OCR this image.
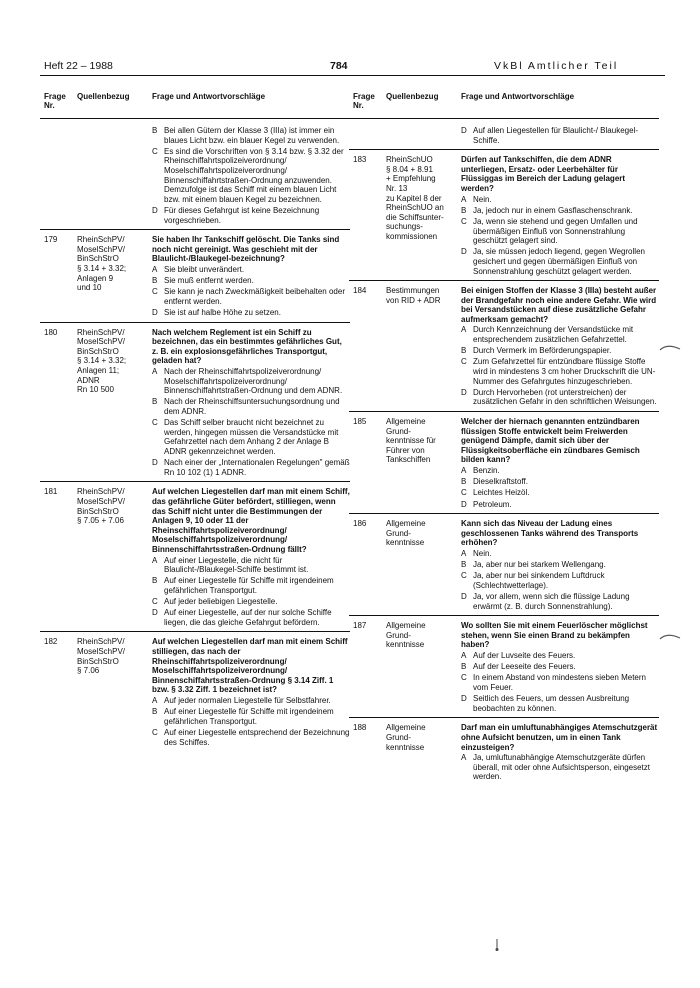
Heft 22 – 1988	784	VkBl Amtlicher Teil
Frage Nr.
Quellenbezug	Frage und Antwortvorschläge
B Bei allen Gütern der Klasse 3 (IIIa) ist immer ein blaues Licht bzw. ein blauer Kegel zu verwenden.
C Es sind die Vorschriften von § 3.14 bzw. § 3.32 der Rheinschiffahrtspolizeiverordnung/ Moselschiffahrtspolizeiverordnung/ Binnenschiffahrtstraßen-Ordnung anzuwenden. Demzufolge ist das Schiff mit einem blauen Licht bzw. mit einem blauen Kegel zu bezeichnen.
D Für dieses Gefahrgut ist keine Bezeichnung vorgeschrieben.
179	RheinSchPV/
MoselSchPV/
BinSchStrO
§ 3.14 + 3.32;
Anlagen 9
und 10
Sie haben Ihr Tankschiff gelöscht. Die Tanks sind noch nicht gereinigt. Was geschieht mit der Blaulicht-/Blaukegel-bezeichnung?
A Sie bleibt unverändert.
B Sie muß entfernt werden.
C Sie kann je nach Zweckmäßigkeit beibehalten oder entfernt werden.
D Sie ist auf halbe Höhe zu setzen.
180	RheinSchPV/
MoselSchPV/
BinSchStrO
§ 3.14 + 3.32;
Anlagen 11;
ADNR
Rn 10 500
Nach welchem Reglement ist ein Schiff zu bezeichnen, das ein bestimmtes gefährliches Gut, z. B. ein explosionsgefährliches Transportgut, geladen hat?
A Nach der Rheinschiffahrtspolizeiverordnung/ Moselschiffahrtspolizeiverordnung/ Binnenschiffahrtstraßen-Ordnung und dem ADNR.
B Nach der Rheinschiffsuntersuchungsordnung und dem ADNR.
C Das Schiff selber braucht nicht bezeichnet zu werden, hingegen müssen die Versandstücke mit Gefahrzettel nach dem Anhang 2 der Anlage B ADNR gekennzeichnet werden.
D Nach einer der „Internationalen Regelungen" gemäß Rn 10 102 (1) 1 ADNR.
181	RheinSchPV/
MoselSchPV/
BinSchStrO
§ 7.05 + 7.06
Auf welchen Liegestellen darf man mit einem Schiff, das gefährliche Güter befördert, stilliegen, wenn das Schiff nicht unter die Bestimmungen der Anlagen 9, 10 oder 11 der Rheinschiffahrtspolizeiverordnung/ Moselschiffahrtspolizeiverordnung/ Binnenschiffahrtsstraßen-Ordnung fällt?
A Auf einer Liegestelle, die nicht für Blaulicht-/Blaukegel-Schiffe bestimmt ist.
B Auf einer Liegestelle für Schiffe mit irgendeinem gefährlichen Transportgut.
C Auf jeder beliebigen Liegestelle.
D Auf einer Liegestelle, auf der nur solche Schiffe liegen, die das gleiche Gefahrgut befördern.
182	RheinSchPV/
MoselSchPV/
BinSchStrO
§ 7.06
Auf welchen Liegestellen darf man mit einem Schiff stilliegen, das nach der Rheinschiffahrtspolizeiverordnung/ Moselschiffahrtspolizeiverordnung/ Binnenschiffahrtsstraßen-Ordnung § 3.14 Ziff. 1 bzw. § 3.32 Ziff. 1 bezeichnet ist?
A Auf jeder normalen Liegestelle für Selbstfahrer.
B Auf einer Liegestelle für Schiffe mit irgendeinem gefährlichen Transportgut.
C Auf einer Liegestelle entsprechend der Bezeichnung des Schiffes.
Frage Nr.
Quellenbezug	Frage und Antwortvorschläge
D Auf allen Liegestellen für Blaulicht-/ Blaukegel-Schiffe.
183	RheinSchUO
§ 8.04 + 8.91
+ Empfehlung
Nr. 13
zu Kapitel 8 der
RheinSchUO an
die Schiffsunter-
suchungs-
kommissionen
Dürfen auf Tankschiffen, die dem ADNR unterliegen, Ersatz- oder Leerbehälter für Flüssiggas im Bereich der Ladung gelagert werden?
A Nein.
B Ja, jedoch nur in einem Gasflaschenschrank.
C Ja, wenn sie stehend und gegen Umfallen und übermäßigen Einfluß von Sonnenstrahlung geschützt gelagert sind.
D Ja, sie müssen jedoch liegend, gegen Wegrollen gesichert und gegen übermäßigen Einfluß von Sonnenstrahlung geschützt gelagert werden.
184	Bestimmungen
von RID + ADR
Bei einigen Stoffen der Klasse 3 (IIIa) besteht außer der Brandgefahr noch eine andere Gefahr. Wie wird bei Versandstücken auf diese zusätzliche Gefahr aufmerksam gemacht?
A Durch Kennzeichnung der Versandstücke mit entsprechendem zusätzlichen Gefahrzettel.
B Durch Vermerk im Beförderungspapier.
C Zum Gefahrzettel für entzündbare flüssige Stoffe wird in mindestens 3 cm hoher Druckschrift die UN-Nummer des Gefahrgutes hinzugeschrieben.
D Durch Hervorheben (rot unterstreichen) der zusätzlichen Gefahr in den schriftlichen Weisungen.
185	Allgemeine
Grund-
kenntnisse für
Führer von
Tankschiffen
Welcher der hiernach genannten entzündbaren flüssigen Stoffe entwickelt beim Freiwerden genügend Dämpfe, damit sich über der Flüssigkeitsoberfläche ein zündbares Gemisch bilden kann?
A Benzin.
B Dieselkraftstoff.
C Leichtes Heizöl.
D Petroleum.
186	Allgemeine
Grund-
kenntnisse
Kann sich das Niveau der Ladung eines geschlossenen Tanks während des Transports erhöhen?
A Nein.
B Ja, aber nur bei starkem Wellengang.
C Ja, aber nur bei sinkendem Luftdruck (Schlechtwetterlage).
D Ja, vor allem, wenn sich die flüssige Ladung erwärmt (z. B. durch Sonnenstrahlung).
187	Allgemeine
Grund-
kenntnisse
Wo sollten Sie mit einem Feuerlöscher möglichst stehen, wenn Sie einen Brand zu bekämpfen haben?
A Auf der Luvseite des Feuers.
B Auf der Leeseite des Feuers.
C In einem Abstand von mindestens sieben Metern vom Feuer.
D Seitlich des Feuers, um dessen Ausbreitung beobachten zu können.
188	Allgemeine
Grund-
kenntnisse
Darf man ein umluftunabhängiges Atemschutzgerät ohne Aufsicht benutzen, um in einen Tank einzusteigen?
A Ja, umluftunabhängige Atemschutzgeräte dürfen überall, mit oder ohne Aufsichtsperson, eingesetzt werden.
